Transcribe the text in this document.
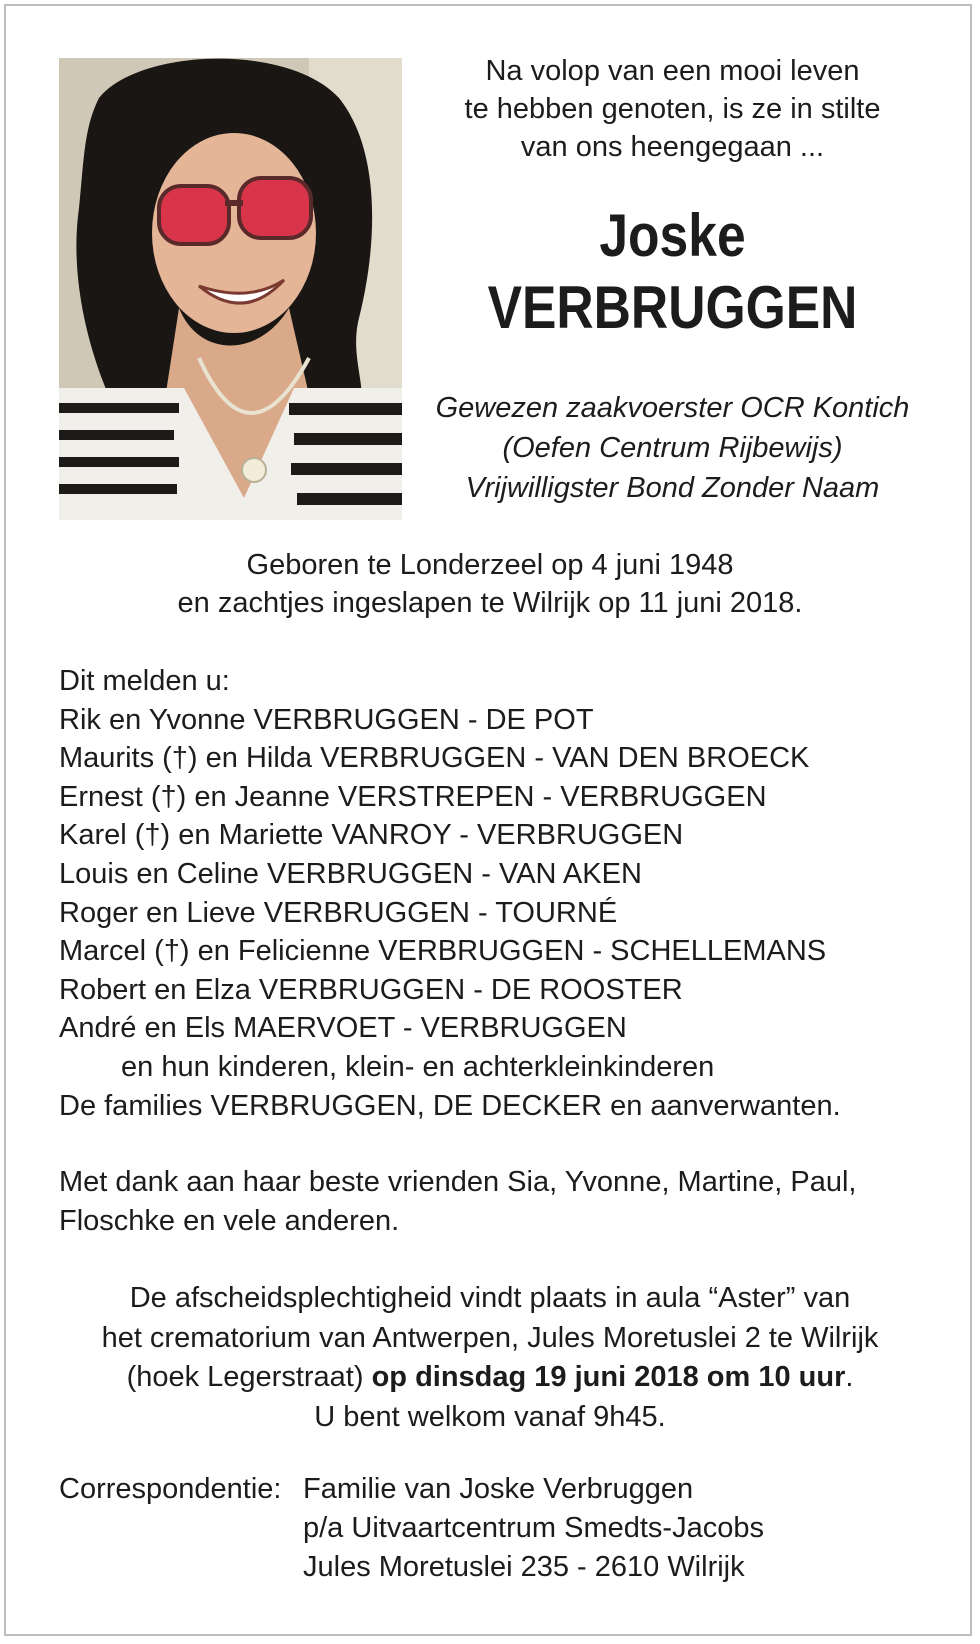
Na volop van een mooi leven
te hebben genoten, is ze in stilte
van ons heengegaan ...
Joske
VERBRUGGEN
Gewezen zaakvoerster OCR Kontich
(Oefen Centrum Rijbewijs)
Vrijwilligster Bond Zonder Naam
Geboren te Londerzeel op 4 juni 1948
en zachtjes ingeslapen te Wilrijk op 11 juni 2018.
Dit melden u:
Rik en Yvonne VERBRUGGEN - DE POT
Maurits (†) en Hilda VERBRUGGEN - VAN DEN BROECK
Ernest (†) en Jeanne VERSTREPEN - VERBRUGGEN
Karel (†) en Mariette VANROY - VERBRUGGEN
Louis en Celine VERBRUGGEN - VAN AKEN
Roger en Lieve VERBRUGGEN - TOURNÉ
Marcel (†) en Felicienne VERBRUGGEN - SCHELLEMANS
Robert en Elza VERBRUGGEN - DE ROOSTER
André en Els MAERVOET - VERBRUGGEN
en hun kinderen, klein- en achterkleinkinderen
De families VERBRUGGEN, DE DECKER en aanverwanten.
Met dank aan haar beste vrienden Sia, Yvonne, Martine, Paul,
Floschke en vele anderen.
De afscheidsplechtigheid vindt plaats in aula “Aster” van
het crematorium van Antwerpen, Jules Moretuslei 2 te Wilrijk
(hoek Legerstraat) op dinsdag 19 juni 2018 om 10 uur.
U bent welkom vanaf 9h45.
Correspondentie: Familie van Joske Verbruggen
p/a Uitvaartcentrum Smedts-Jacobs
Jules Moretuslei 235 - 2610 Wilrijk
